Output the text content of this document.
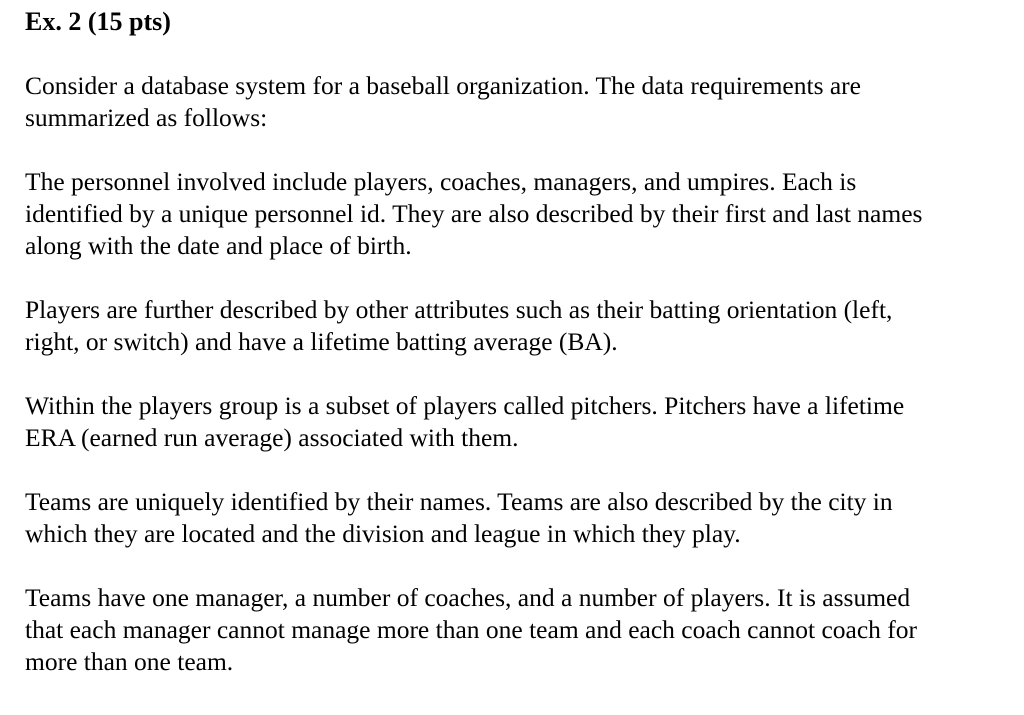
Ex. 2 (15 pts)

Consider a database system for a baseball organization. The data requirements are
summarized as follows:

The personnel involved include players, coaches, managers, and umpires. Each is
identified by a unique personnel id. They are also described by their first and last names
along with the date and place of birth.

Players are further described by other attributes such as their batting orientation (left,
right, or switch) and have a lifetime batting average (BA).

Within the players group is a subset of players called pitchers. Pitchers have a lifetime
ERA (earned run average) associated with them.

Teams are uniquely identified by their names. Teams are also described by the city in
which they are located and the division and league in which they play.

Teams have one manager, a number of coaches, and a number of players. It is assumed
that each manager cannot manage more than one team and each coach cannot coach for
more than one team.
